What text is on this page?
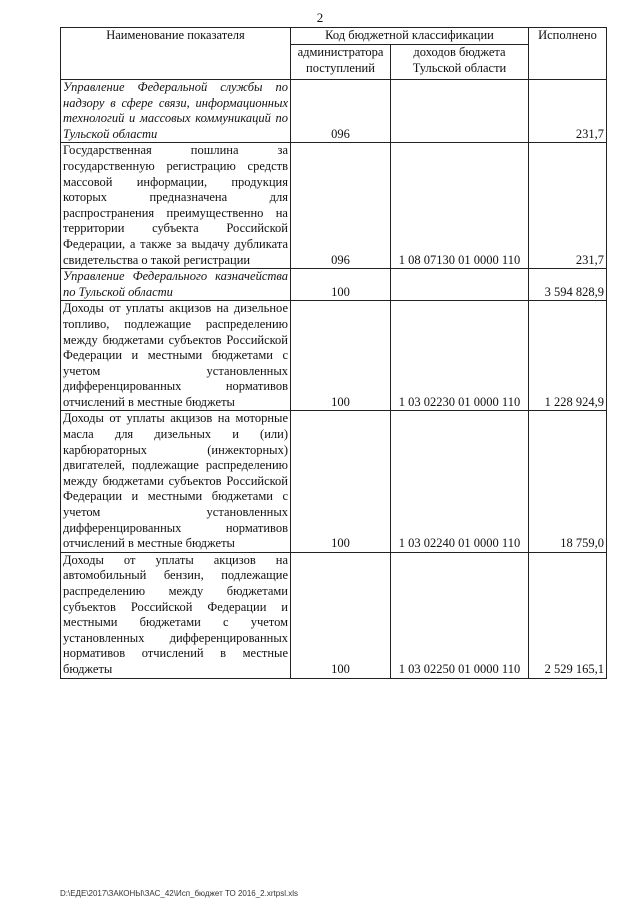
2
Наименование показателя	Код бюджетной классификации		Исполнено
	администратора поступлений	доходов бюджета Тульской области	
Управление Федеральной службы по надзору в сфере связи, информационных технологий и массовых коммуникаций по Тульской области	096		231,7
Государственная пошлина за государственную регистрацию средств массовой информации, продукция которых предназначена для распространения преимущественно на территории субъекта Российской Федерации, а также за выдачу дубликата свидетельства о такой регистрации	096	1 08 07130 01 0000 110	231,7
Управление Федерального казначейства по Тульской области	100		3 594 828,9
Доходы от уплаты акцизов на дизельное топливо, подлежащие распределению между бюджетами субъектов Российской Федерации и местными бюджетами с учетом установленных дифференцированных нормативов отчислений в местные бюджеты	100	1 03 02230 01 0000 110	1 228 924,9
Доходы от уплаты акцизов на моторные масла для дизельных и (или) карбюраторных (инжекторных) двигателей, подлежащие распределению между бюджетами субъектов Российской Федерации и местными бюджетами с учетом установленных дифференцированных нормативов отчислений в местные бюджеты	100	1 03 02240 01 0000 110	18 759,0
Доходы от уплаты акцизов на автомобильный бензин, подлежащие распределению между бюджетами субъектов Российской Федерации и местными бюджетами с учетом установленных дифференцированных нормативов отчислений в местные бюджеты	100	1 03 02250 01 0000 110	2 529 165,1
D:\ЕДЕ\2017\ЗАКОНЫ\ЗАС_42\Исп_бюджет ТО 2016_2.xrtpsl.xls
